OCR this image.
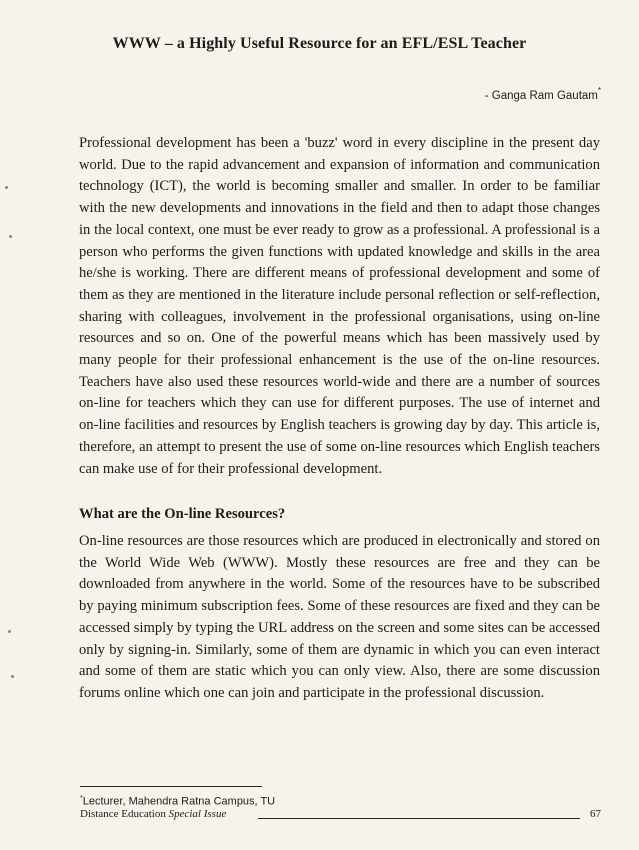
WWW – a Highly Useful Resource for an EFL/ESL Teacher
- Ganga Ram Gautam*

Professional development has been a 'buzz' word in every discipline in the present day world. Due to the rapid advancement and expansion of information and communication technology (ICT), the world is becoming smaller and smaller. In order to be familiar with the new developments and innovations in the field and then to adapt those changes in the local context, one must be ever ready to grow as a professional. A professional is a person who performs the given functions with updated knowledge and skills in the area he/she is working. There are different means of professional development and some of them as they are mentioned in the literature include personal reflection or self-reflection, sharing with colleagues, involvement in the professional organisations, using on-line resources and so on. One of the powerful means which has been massively used by many people for their professional enhancement is the use of the on-line resources. Teachers have also used these resources world-wide and there are a number of sources on-line for teachers which they can use for different purposes. The use of internet and on-line facilities and resources by English teachers is growing day by day. This article is, therefore, an attempt to present the use of some on-line resources which English teachers can make use of for their professional development.

What are the On-line Resources?

On-line resources are those resources which are produced in electronically and stored on the World Wide Web (WWW). Mostly these resources are free and they can be downloaded from anywhere in the world. Some of the resources have to be subscribed by paying minimum subscription fees. Some of these resources are fixed and they can be accessed simply by typing the URL address on the screen and some sites can be accessed only by signing-in. Similarly, some of them are dynamic in which you can even interact and some of them are static which you can only view. Also, there are some discussion forums online which one can join and participate in the professional discussion.

*Lecturer, Mahendra Ratna Campus, TU
Distance Education Special Issue	67
